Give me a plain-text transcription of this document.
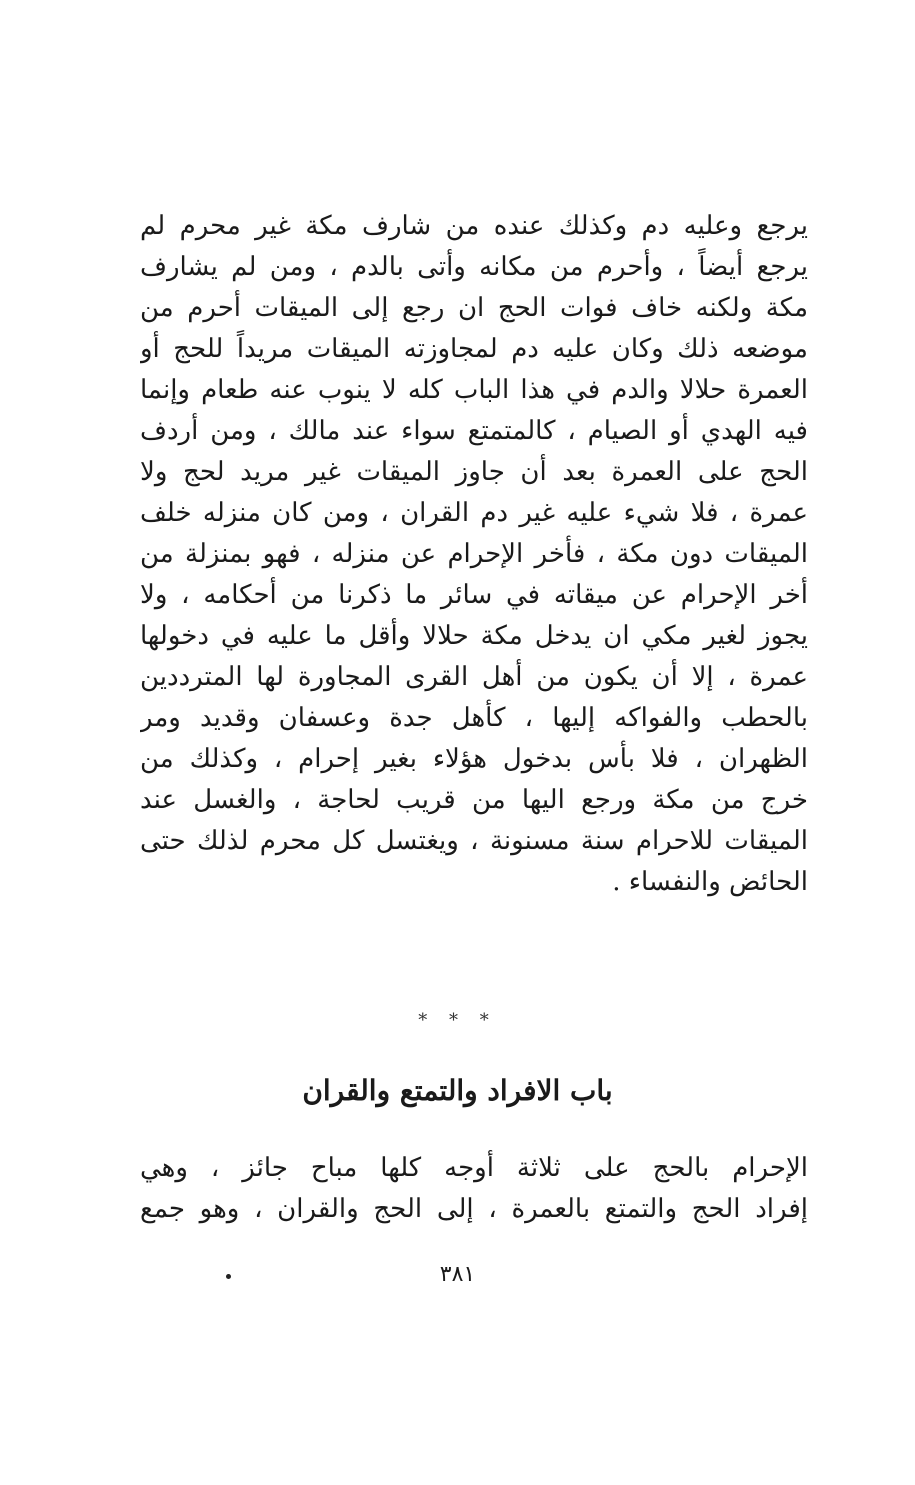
يرجع وعليه دم وكذلك عنده من شارف مكة غير محرم لم
يرجع أيضاً ، وأحرم من مكانه وأتى بالدم ، ومن لم يشارف
مكة ولكنه خاف فوات الحج ان رجع إلى الميقات أحرم من
موضعه ذلك وكان عليه دم لمجاوزته الميقات مريداً للحج أو
العمرة حلالا والدم في هذا الباب كله لا ينوب عنه طعام وإنما
فيه الهدي أو الصيام ، كالمتمتع سواء عند مالك ، ومن أردف
الحج على العمرة بعد أن جاوز الميقات غير مريد لحج ولا
عمرة ، فلا شيء عليه غير دم القران ، ومن كان منزله خلف
الميقات دون مكة ، فأخر الإحرام عن منزله ، فهو بمنزلة من
أخر الإحرام عن ميقاته في سائر ما ذكرنا من أحكامه ، ولا
يجوز لغير مكي ان يدخل مكة حلالا وأقل ما عليه في دخولها
عمرة ، إلا أن يكون من أهل القرى المجاورة لها المترددين
بالحطب والفواكه إليها ، كأهل جدة وعسفان وقديد ومر
الظهران ، فلا بأس بدخول هؤلاء بغير إحرام ، وكذلك من
خرج من مكة ورجع اليها من قريب لحاجة ، والغسل عند
الميقات للاحرام سنة مسنونة ، ويغتسل كل محرم لذلك حتى
الحائض والنفساء .
* * *
باب الافراد والتمتع والقران
الإحرام بالحج على ثلاثة أوجه كلها مباح جائز ، وهي
إفراد الحج والتمتع بالعمرة ، إلى الحج والقران ، وهو جمع
٣٨١
